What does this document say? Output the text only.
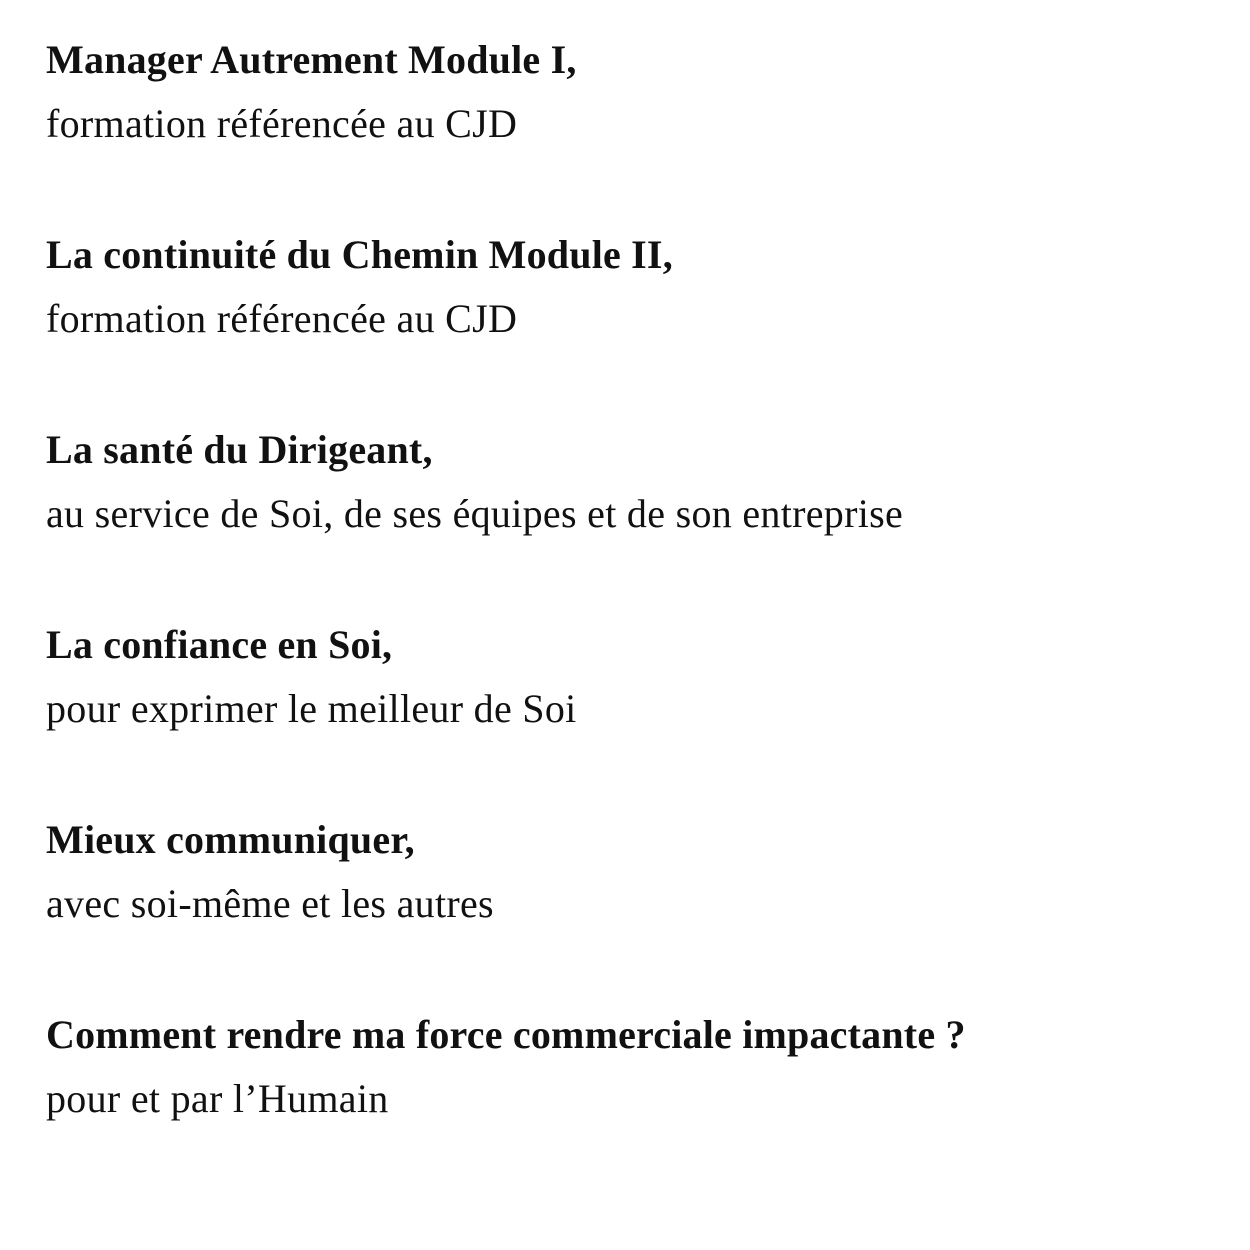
Manager Autrement Module I,
formation référencée au CJD
La continuité du Chemin Module II,
formation référencée au CJD
La santé du Dirigeant,
au service de Soi, de ses équipes et de son entreprise
La confiance en Soi,
pour exprimer le meilleur de Soi
Mieux communiquer,
avec soi-même et les autres
Comment rendre ma force commerciale impactante ?
pour et par l’Humain
